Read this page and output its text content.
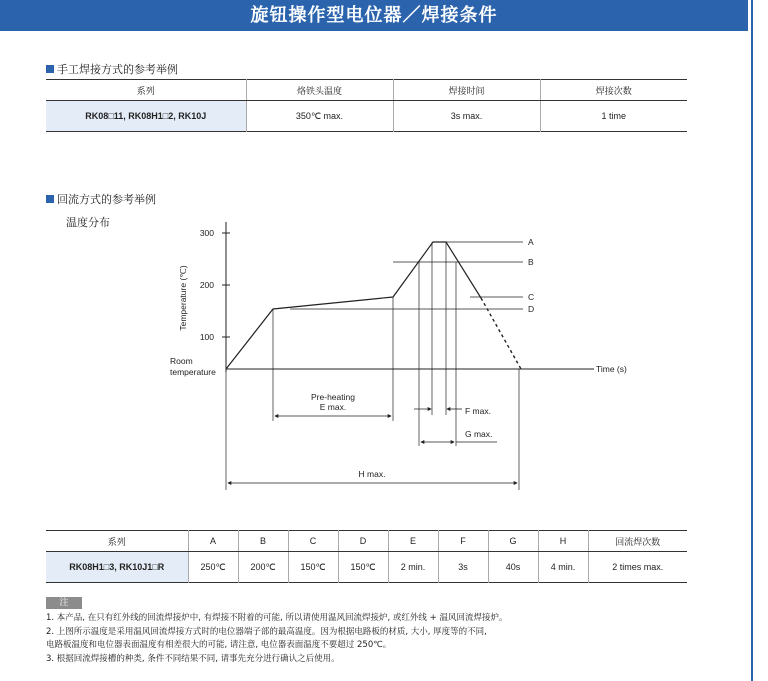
旋钮操作型电位器／焊接条件
手工焊接方式的参考举例
系列	烙铁头温度	焊接时间	焊接次数
RK08□11, RK08H1□2, RK10J	350℃ max.	3s max.	1 time
回流方式的参考举例
温度分布
300
200
100
Temperature (℃)
Room
temperature	Time (s)
A
B
C
D
Pre-heating
E max.	F max.
G max.
H max.
系列	A	B	C	D	E	F	G	H	回流焊次数
RK08H1□3, RK10J1□R	250℃	200℃	150℃	150℃	2 min.	3s	40s	4 min.	2 times max.
注
1. 本产品, 在只有红外线的回流焊接炉中, 有焊接不附着的可能, 所以请使用温风回流焊接炉, 或红外线 + 温风回流焊接炉。
2. 上图所示温度是采用温风回流焊接方式时的电位器端子部的最高温度。因为根据电路板的材质, 大小, 厚度等的不同,
电路板温度和电位器表面温度有相差很大的可能, 请注意, 电位器表面温度不要超过 250℃。
3. 根据回流焊接槽的种类, 条件不同结果不同, 请事先充分进行确认之后使用。
